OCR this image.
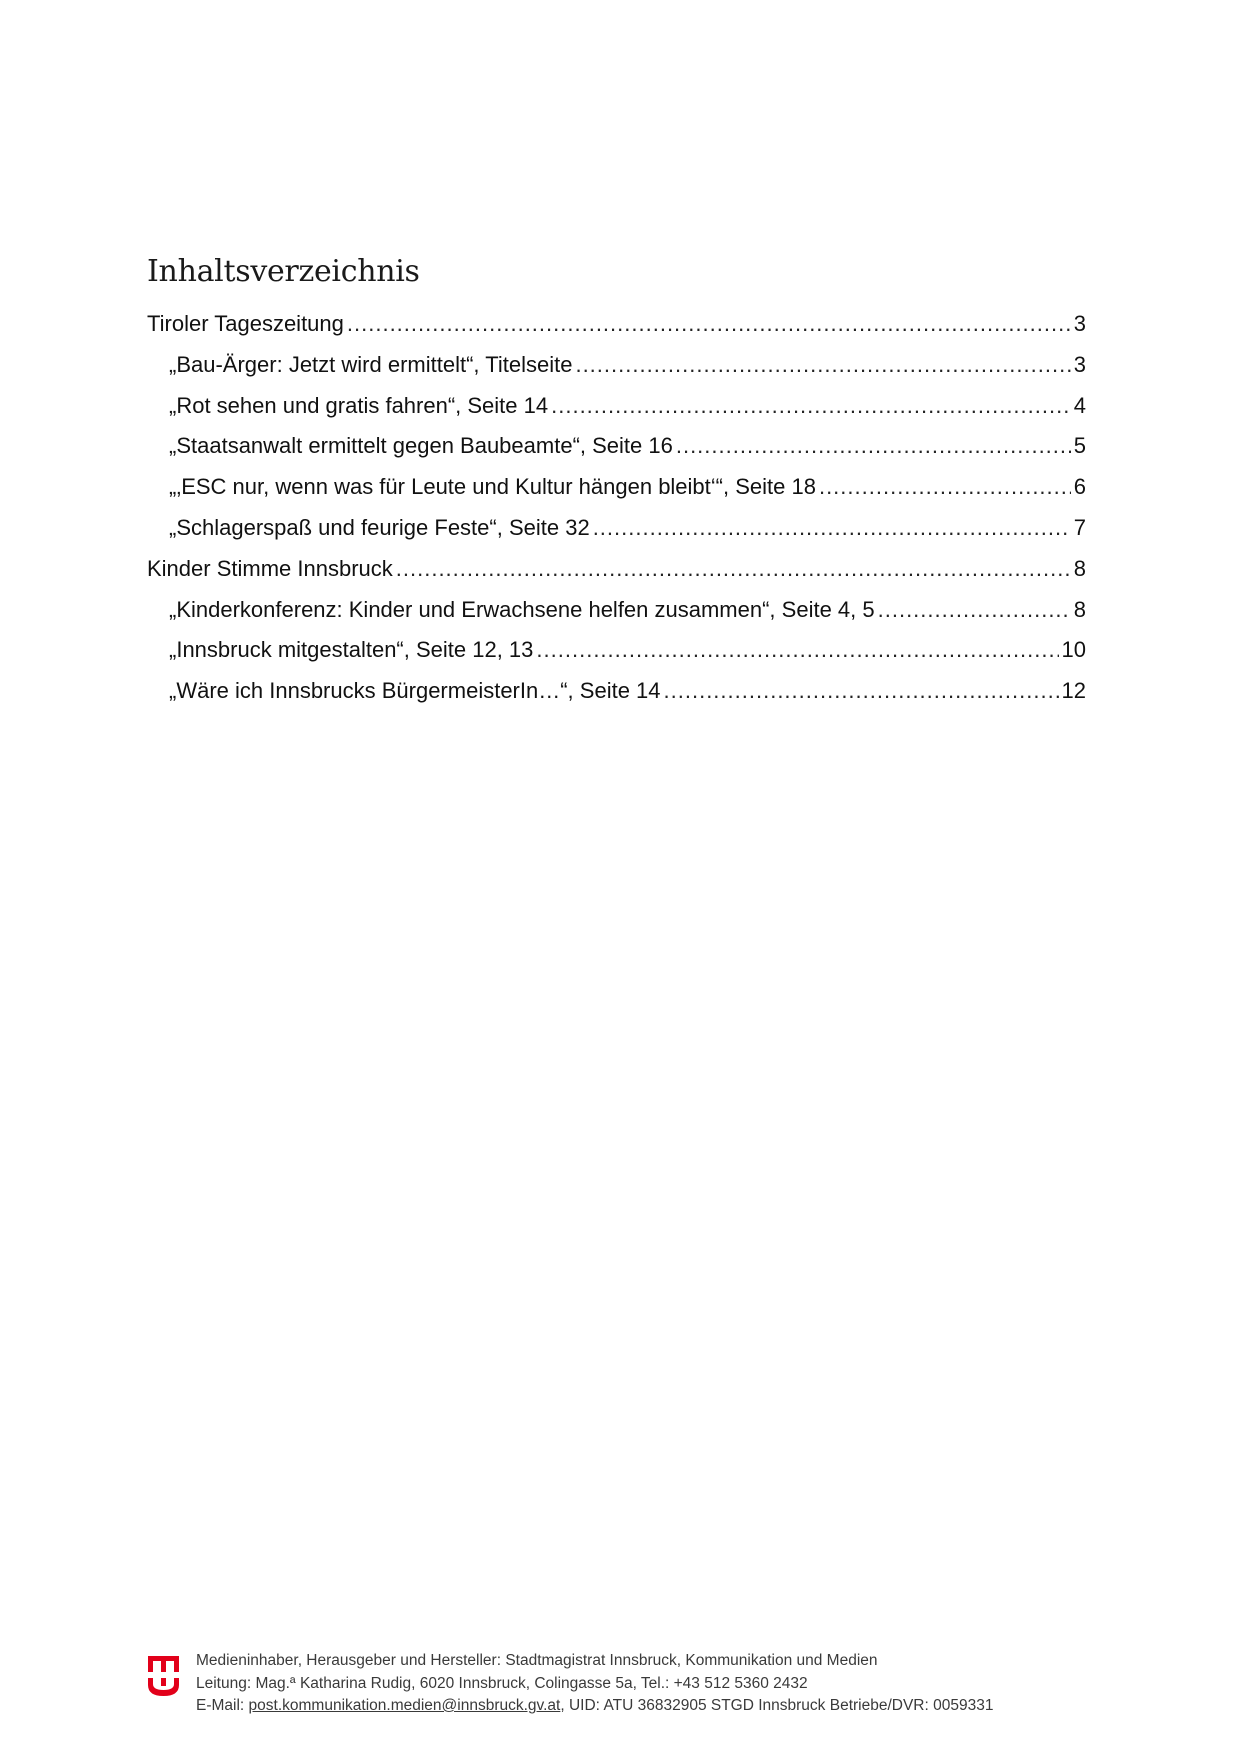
Inhaltsverzeichnis
Tiroler Tageszeitung .....	3
„Bau-Ärger: Jetzt wird ermittelt“, Titelseite .....	3
„Rot sehen und gratis fahren“, Seite 14 .....	4
„Staatsanwalt ermittelt gegen Baubeamte“, Seite 16 .....	5
„‚ESC nur, wenn was für Leute und Kultur hängen bleibt‘“, Seite 18 .....	6
„Schlagerspaß und feurige Feste“, Seite 32 .....	7
Kinder Stimme Innsbruck .....	8
„Kinderkonferenz: Kinder und Erwachsene helfen zusammen“, Seite 4, 5 .....	8
„Innsbruck mitgestalten“, Seite 12, 13 .....	10
„Wäre ich Innsbrucks BürgermeisterIn…“, Seite 14 .....	12
Medieninhaber, Herausgeber und Hersteller: Stadtmagistrat Innsbruck, Kommunikation und Medien
Leitung: Mag.ª Katharina Rudig, 6020 Innsbruck, Colingasse 5a, Tel.: +43 512 5360 2432
E-Mail: post.kommunikation.medien@innsbruck.gv.at, UID: ATU 36832905 STGD Innsbruck Betriebe/DVR: 0059331
